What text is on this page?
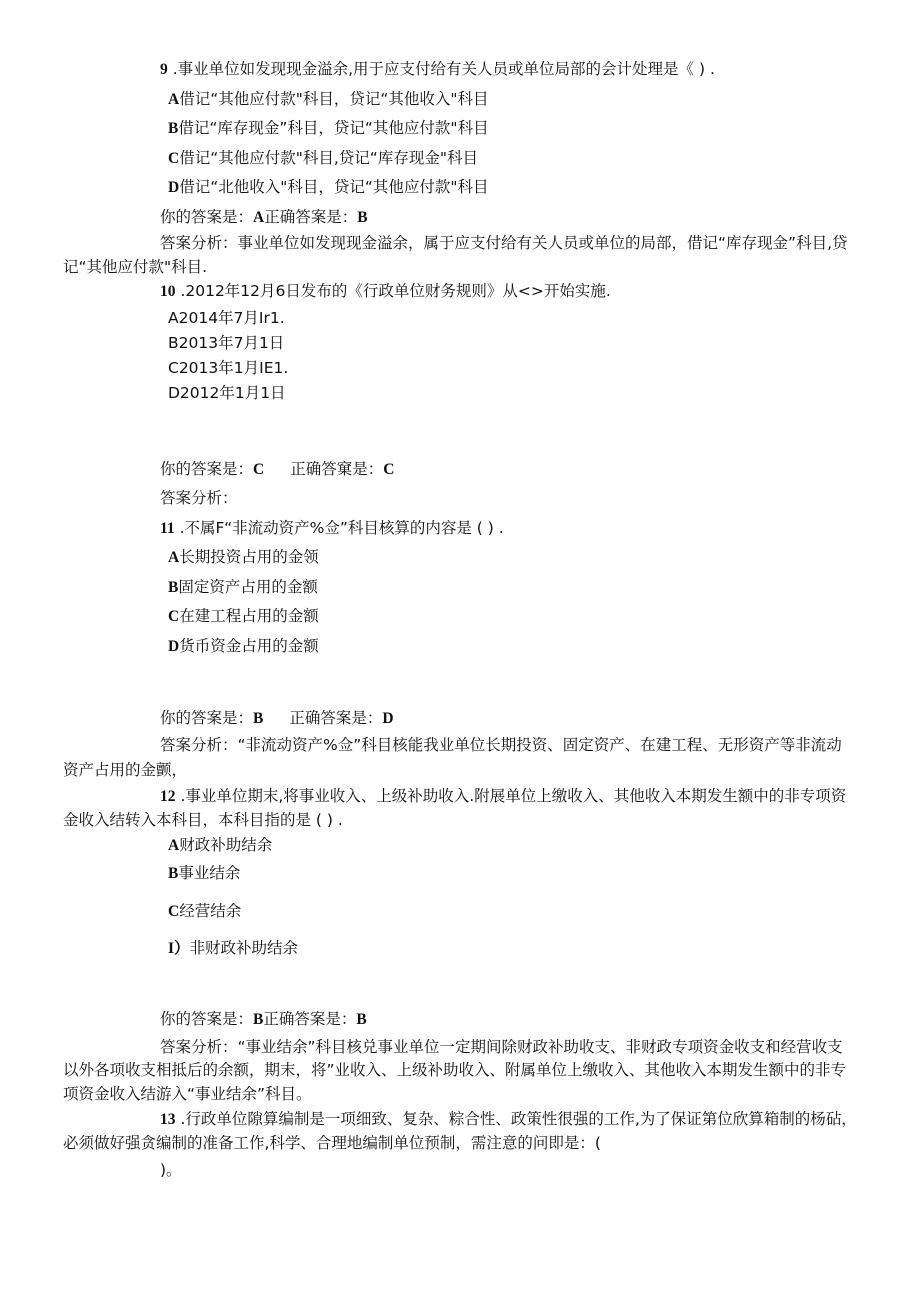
9 .事业单位如发现现金溢余,用于应支付给有关人员或单位局部的会计处理是《 ) .
A借记“其他应付款"科目，贷记“其他收入"科目
B借记“库存现金”科目，贷记“其他应付款"科目
C借记“其他应付款"科目,贷记“库存现金"科目
D借记“北他收入"科目，贷记“其他应付款"科目
你的答案是：A正确答案是：B
答案分析：事业单位如发现现金溢余，属于应支付给有关人员或单位的局部，借记“库存现金”科目,贷
记“其他应付款"科目.
10 .2012年12月6日发布的《行政单位财务规则》从<>开始实施.
A2014年7月Ir1.
B2013年7月1日
C2013年1月IE1.
D2012年1月1日
你的答案是：C 正确答窠是：C
答案分析：
11 .不属F“非流动资产%佥”科目核算的内容是 ( ) .
A长期投资占用的金领
B固定资产占用的金额
C在建工程占用的金额
D货币资金占用的金额
你的答案是：B 正确答案是：D
答案分析：“非流动资产%佥”科目核能我业单位长期投资、固定资产、在建工程、无形资产等非流动
资产占用的金颤，
12 .事业单位期末,将事业收入、上级补助收入.附展单位上缴收入、其他收入本期发生额中的非专项资
金收入结转入本科目，本科目指的是 ( ) .
A财政补助结余
B事业结余
C经营结余
I）非财政补助结余
你的答案是：B正确答案是：B
答案分析：“事业结余”科目核兑事业单位一定期间除财政补助收支、非财政专项资金收支和经营收支
以外各项收支相抵后的余额，期末，将”业收入、上级补助收入、附属单位上缴收入、其他收入本期发生额中的非专
项资金收入结游入“事业结余”科目。
13 .行政单位隙算编制是一项细致、复杂、粽合性、政策性很强的工作,为了保证第位欣算箱制的杨砧，
必须做好强贪编制的准备工作,科学、合理地编制单位预制，需注意的问即是：(
)。
